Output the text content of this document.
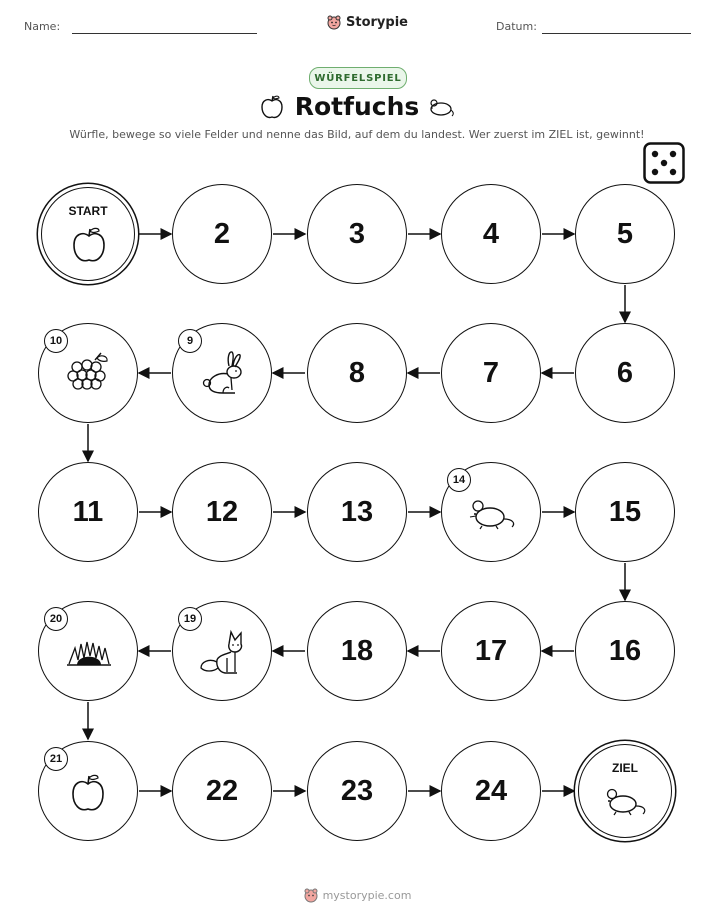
Name:	Storypie	Datum:
WÜRFELSPIEL
Rotfuchs
Würfle, bewege so viele Felder und nenne das Bild, auf dem du landest. Wer zuerst im ZIEL ist, gewinnt!
START
2	3	4	5
6
7
8
9
10
11	12	13
14
15
16
17
18
19
20
21
22	23	24
ZIEL
mystorypie.com
